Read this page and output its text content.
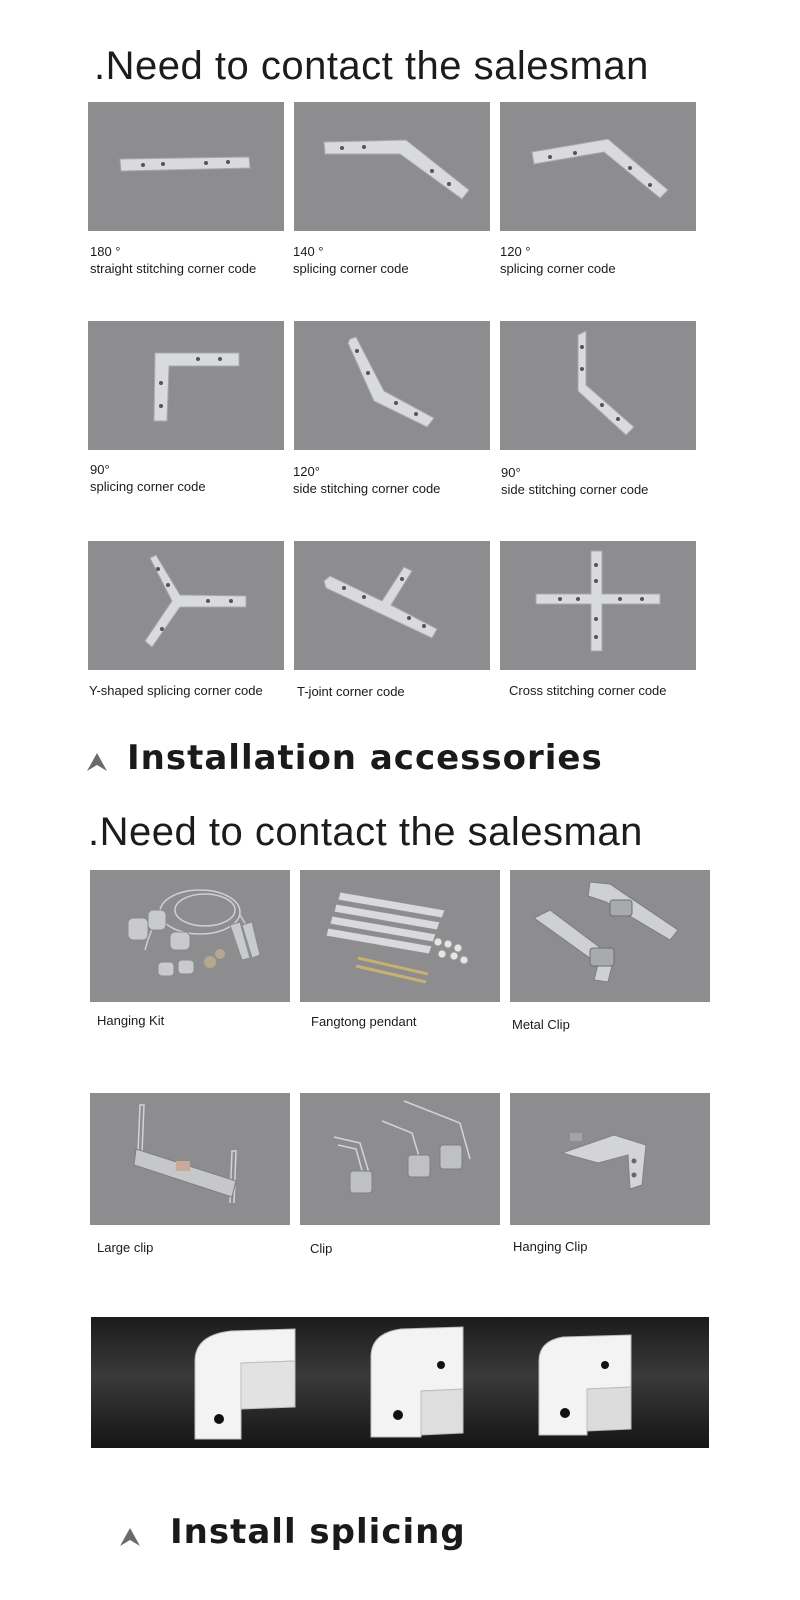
.Need to contact the salesman
180 °
straight stitching corner code
140 °
splicing corner code
120 °
splicing corner code
90°
splicing corner code
120°
side stitching corner code
90°
side stitching corner code
Y-shaped splicing corner code	T-joint corner code	Cross stitching corner code
Installation accessories
.Need to contact the salesman
Hanging Kit	Fangtong pendant	Metal Clip
Large clip	Clip	Hanging Clip
Install splicing
